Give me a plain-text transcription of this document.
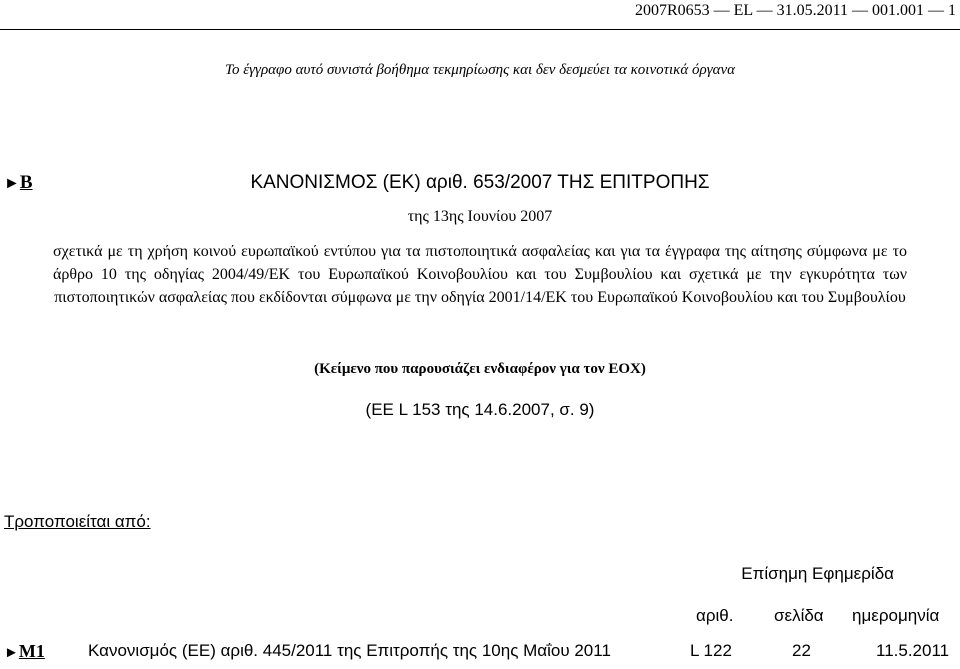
2007R0653 — EL — 31.05.2011 — 001.001 — 1
Το έγγραφο αυτό συνιστά βοήθημα τεκμηρίωσης και δεν δεσμεύει τα κοινοτικά όργανα
►B	ΚΑΝΟΝΙΣΜΟΣ (ΕΚ) αριθ. 653/2007 ΤΗΣ ΕΠΙΤΡΟΠΗΣ
της 13ης Ιουνίου 2007
σχετικά με τη χρήση κοινού ευρωπαϊκού εντύπου για τα πιστοποιητικά ασφαλείας και για τα έγγραφα της αίτησης σύμφωνα με το άρθρο 10 της οδηγίας 2004/49/ΕΚ του Ευρωπαϊκού Κοινοβουλίου και του Συμβουλίου και σχετικά με την εγκυρότητα των πιστοποιητικών ασφαλείας που εκδίδονται σύμφωνα με την οδηγία 2001/14/ΕΚ του Ευρωπαϊκού Κοινοβουλίου και του Συμβουλίου
(Κείμενο που παρουσιάζει ενδιαφέρον για τον ΕΟΧ)
(ΕΕ L 153 της 14.6.2007, σ. 9)
Τροποποιείται από:
Επίσημη Εφημερίδα
αριθ. σελίδα ημερομηνία
►M1	Κανονισμός (ΕΕ) αριθ. 445/2011 της Επιτροπής της 10ης Μαΐου 2011	L 122	22	11.5.2011
